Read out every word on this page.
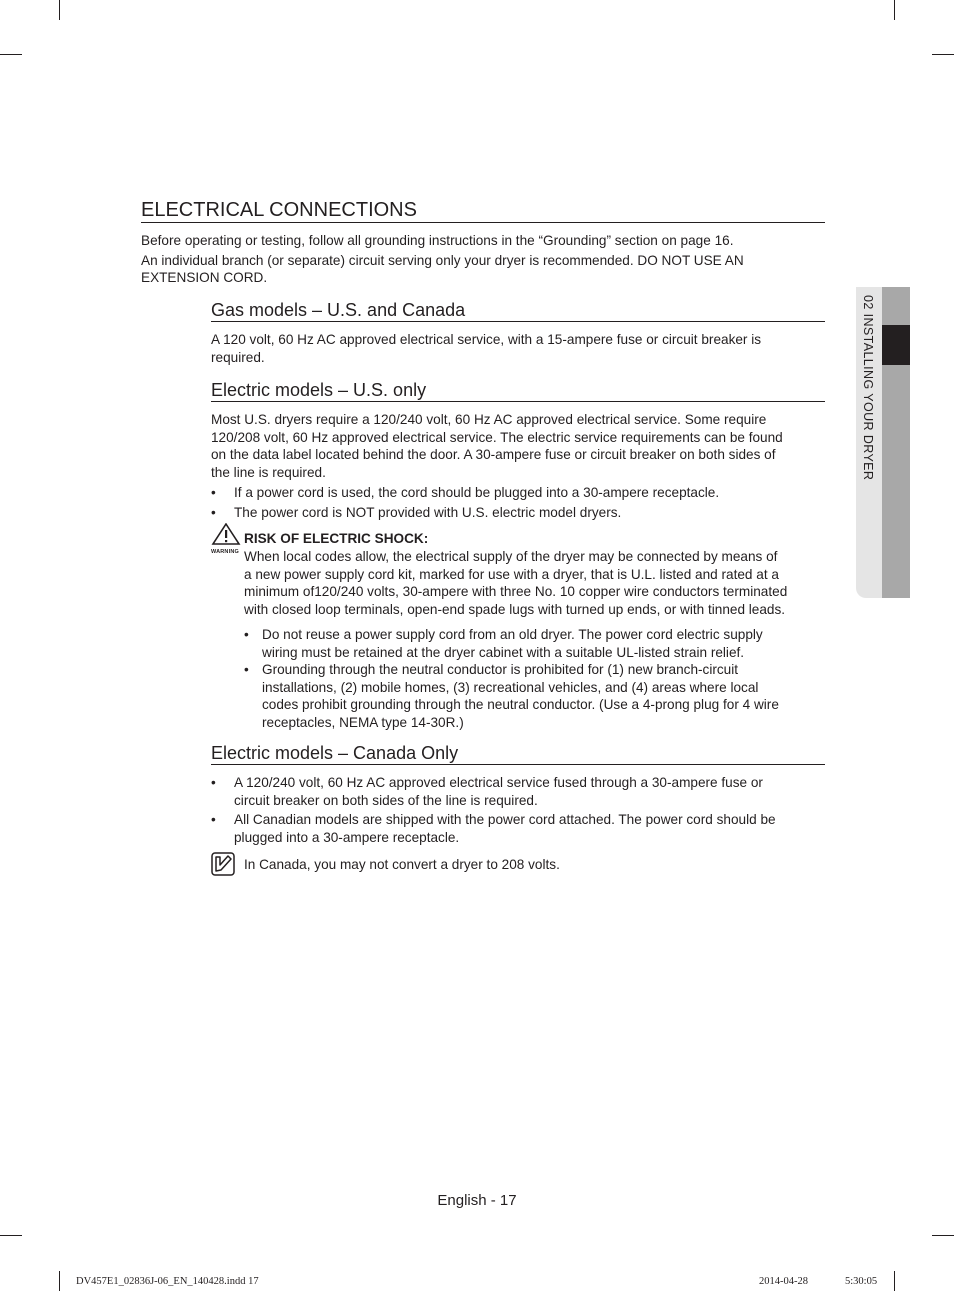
ELECTRICAL CONNECTIONS

Before operating or testing, follow all grounding instructions in the “Grounding” section on page 16.

An individual branch (or separate) circuit serving only your dryer is recommended. DO NOT USE AN

EXTENSION CORD.

Gas models – U.S. and Canada

A 120 volt, 60 Hz AC approved electrical service, with a 15-ampere fuse or circuit breaker is

required.

Electric models – U.S. only

Most U.S. dryers require a 120/240 volt, 60 Hz AC approved electrical service. Some require

120/208 volt, 60 Hz approved electrical service. The electric service requirements can be found

on the data label located behind the door. A 30-ampere fuse or circuit breaker on both sides of

the line is required.

• If a power cord is used, the cord should be plugged into a 30-ampere receptacle.
• The power cord is NOT provided with U.S. electric model dryers.
WARNING
RISK OF ELECTRIC SHOCK:

When local codes allow, the electrical supply of the dryer may be connected by means of

a new power supply cord kit, marked for use with a dryer, that is U.L. listed and rated at a

minimum of120/240 volts, 30-ampere with three No. 10 copper wire conductors terminated

with closed loop terminals, open-end spade lugs with turned up ends, or with tinned leads.

• Do not reuse a power supply cord from an old dryer. The power cord electric supply
wiring must be retained at the dryer cabinet with a suitable UL-listed strain relief.
• Grounding through the neutral conductor is prohibited for (1) new branch-circuit
installations, (2) mobile homes, (3) recreational vehicles, and (4) areas where local
codes prohibit grounding through the neutral conductor. (Use a 4-prong plug for 4 wire
receptacles, NEMA type 14-30R.)
Electric models – Canada Only
• A 120/240 volt, 60 Hz AC approved electrical service fused through a 30-ampere fuse or
circuit breaker on both sides of the line is required.
• All Canadian models are shipped with the power cord attached. The power cord should be
plugged into a 30-ampere receptacle.

In Canada, you may not convert a dryer to 208 volts.

02 INSTALLING YOUR DRYER
English - 17
DV457E1_02836J-06_EN_140428.indd 17	2014-04-28	5:30:05
